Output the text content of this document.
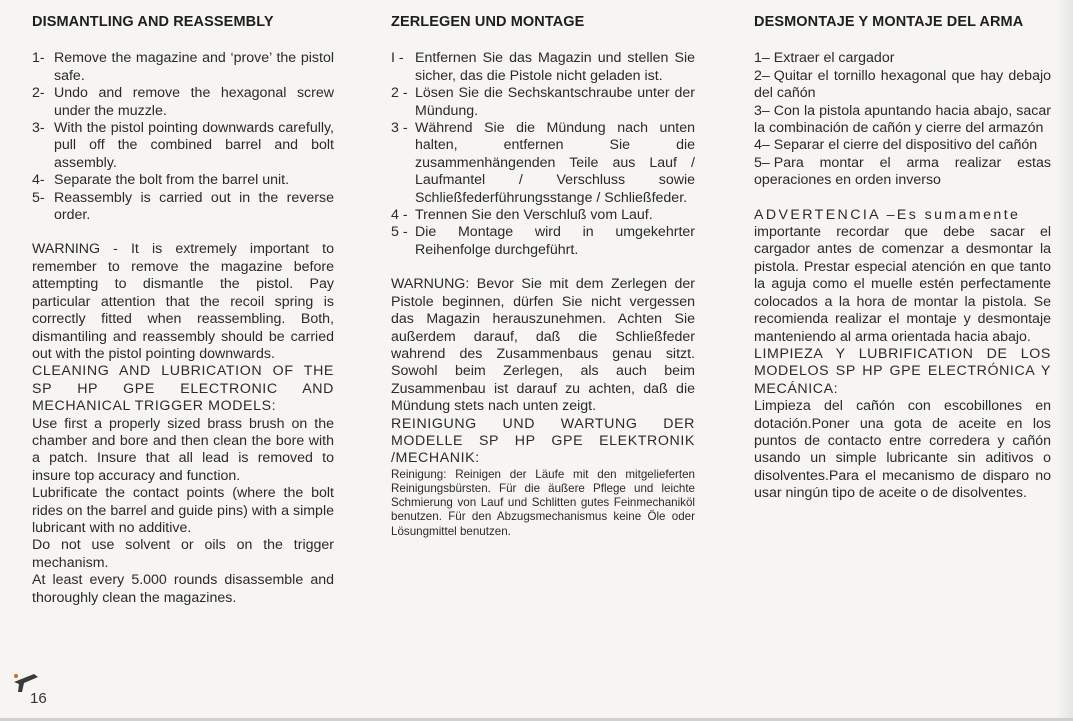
DISMANTLING AND REASSEMBLY
1- Remove the magazine and ‘prove’ the pistol safe.
2- Undo and remove the hexagonal screw under the muzzle.
3- With the pistol pointing downwards carefully, pull off the combined barrel and bolt assembly.
4- Separate the bolt from the barrel unit.
5- Reassembly is carried out in the reverse order.

WARNING - It is extremely important to remember to remove the magazine before attempting to dismantle the pistol. Pay particular attention that the recoil spring is correctly fitted when reassembling. Both, dismantiling and reassembly should be carried out with the pistol pointing downwards.

CLEANING AND LUBRICATION OF THE SP HP GPE ELECTRONIC AND MECHANICAL TRIGGER MODELS:

Use first a properly sized brass brush on the chamber and bore and then clean the bore with a patch. Insure that all lead is removed to insure top accuracy and function.

Lubrificate the contact points (where the bolt rides on the barrel and guide pins) with a simple lubricant with no additive.

Do not use solvent or oils on the trigger mechanism.

At least every 5.000 rounds disassemble and thoroughly clean the magazines.

ZERLEGEN UND MONTAGE
I - Entfernen Sie das Magazin und stellen Sie sicher, das die Pistole nicht geladen ist.
2 - Lösen Sie die Sechskantschraube unter der Mündung.
3 - Während Sie die Mündung nach unten halten, entfernen Sie die zusammenhängenden Teile aus Lauf / Laufmantel / Verschluss sowie Schließfederführungsstange / Schließfeder.
4 - Trennen Sie den Verschluß vom Lauf.
5 - Die Montage wird in umgekehrter Reihenfolge durchgeführt.

WARNUNG: Bevor Sie mit dem Zerlegen der Pistole beginnen, dürfen Sie nicht vergessen das Magazin herauszunehmen. Achten Sie außerdem darauf, daß die Schließfeder wahrend des Zusammenbaus genau sitzt. Sowohl beim Zerlegen, als auch beim Zusammenbau ist darauf zu achten, daß die Mündung stets nach unten zeigt.

REINIGUNG UND WARTUNG DER MODELLE SP HP GPE ELEKTRONIK /MECHANIK:

Reinigung: Reinigen der Läufe mit den mitgelieferten Reinigungsbürsten. Für die äußere Pflege und leichte Schmierung von Lauf und Schlitten gutes Feinmechaniköl benutzen. Für den Abzugsmechanismus keine Öle oder Lösungmittel benutzen.

DESMONTAJE Y MONTAJE DEL ARMA
1– Extraer el cargador
2– Quitar el tornillo hexagonal que hay debajo del cañón
3– Con la pistola apuntando hacia abajo, sacar la combinación de cañón y cierre del armazón
4– Separar el cierre del dispositivo del cañón
5– Para montar el arma realizar estas operaciones en orden inverso

ADVERTENCIA –Es sumamente

importante recordar que debe sacar el cargador antes de comenzar a desmontar la pistola. Prestar especial atención en que tanto la aguja como el muelle estén perfectamente colocados a la hora de montar la pistola. Se recomienda realizar el montaje y desmontaje manteniendo al arma orientada hacia abajo.

LIMPIEZA Y LUBRIFICATION DE LOS MODELOS SP HP GPE ELECTRÓNICA Y MECÁNICA:

Limpieza del cañón con escobillones en dotación.Poner una gota de aceite en los puntos de contacto entre corredera y cañón usando un simple lubricante sin aditivos o disolventes.Para el mecanismo de disparo no usar ningún tipo de aceite o de disolventes.

16
